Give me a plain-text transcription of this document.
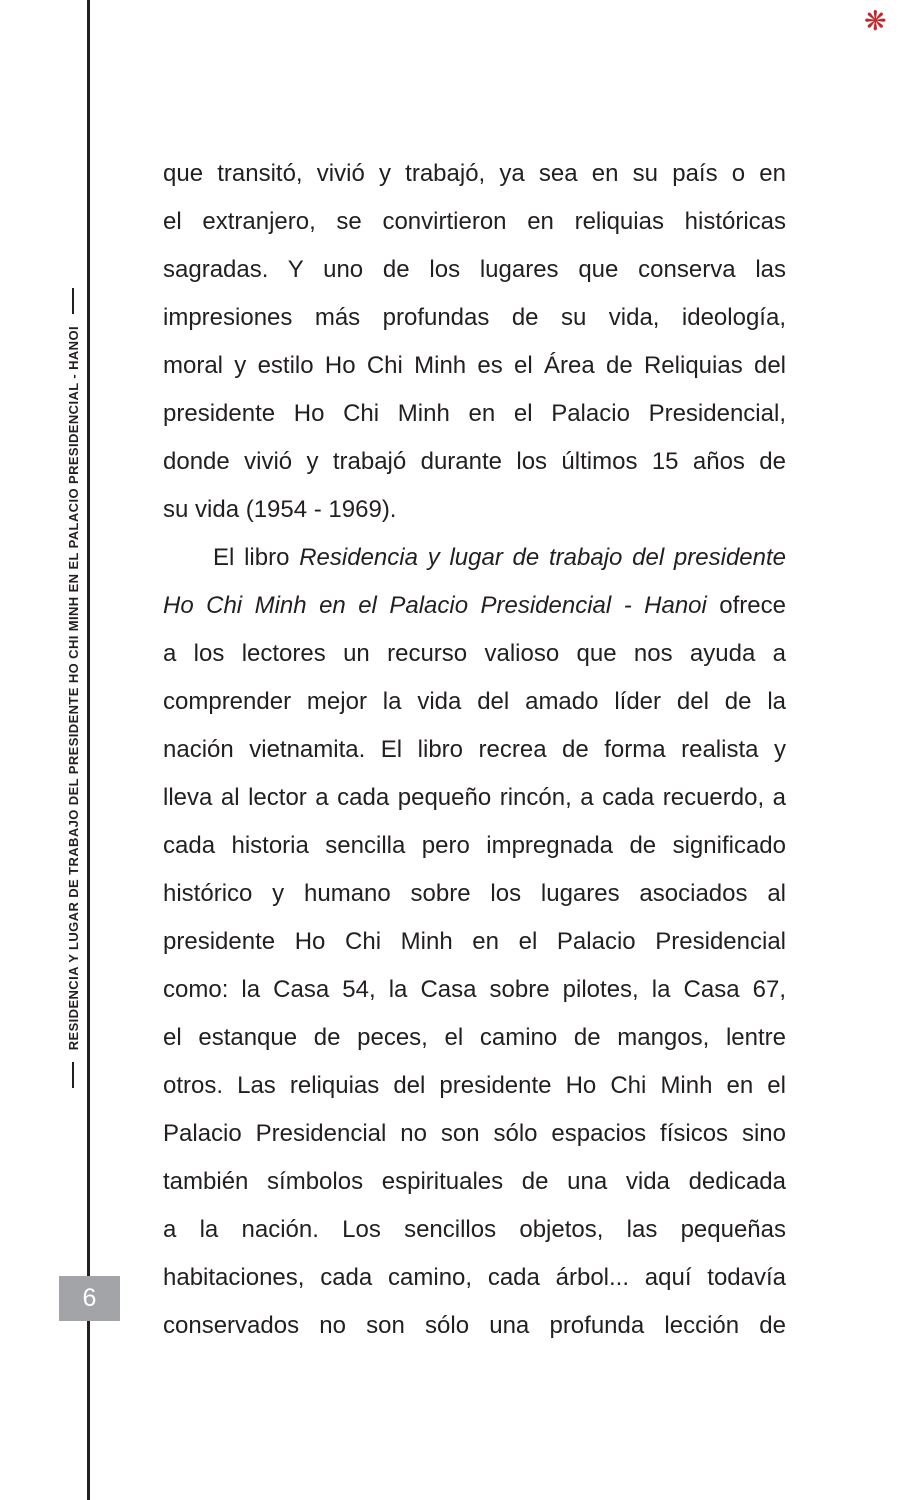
RESIDENCIA Y LUGAR DE TRABAJO DEL PRESIDENTE HO CHI MINH EN EL PALACIO PRESIDENCIAL - HANOI
6
❋
que transitó, vivió y trabajó, ya sea en su país o en
el extranjero, se convirtieron en reliquias históricas
sagradas. Y uno de los lugares que conserva las
impresiones más profundas de su vida, ideología,
moral y estilo Ho Chi Minh es el Área de Reliquias del
presidente Ho Chi Minh en el Palacio Presidencial,
donde vivió y trabajó durante los últimos 15 años de
su vida (1954 - 1969).
El libro Residencia y lugar de trabajo del presidente
Ho Chi Minh en el Palacio Presidencial - Hanoi ofrece
a los lectores un recurso valioso que nos ayuda a
comprender mejor la vida del amado líder del de la
nación vietnamita. El libro recrea de forma realista y
lleva al lector a cada pequeño rincón, a cada recuerdo, a
cada historia sencilla pero impregnada de significado
histórico y humano sobre los lugares asociados al
presidente Ho Chi Minh en el Palacio Presidencial
como: la Casa 54, la Casa sobre pilotes, la Casa 67,
el estanque de peces, el camino de mangos, lentre
otros. Las reliquias del presidente Ho Chi Minh en el
Palacio Presidencial no son sólo espacios físicos sino
también símbolos espirituales de una vida dedicada
a la nación. Los sencillos objetos, las pequeñas
habitaciones, cada camino, cada árbol... aquí todavía
conservados no son sólo una profunda lección de
